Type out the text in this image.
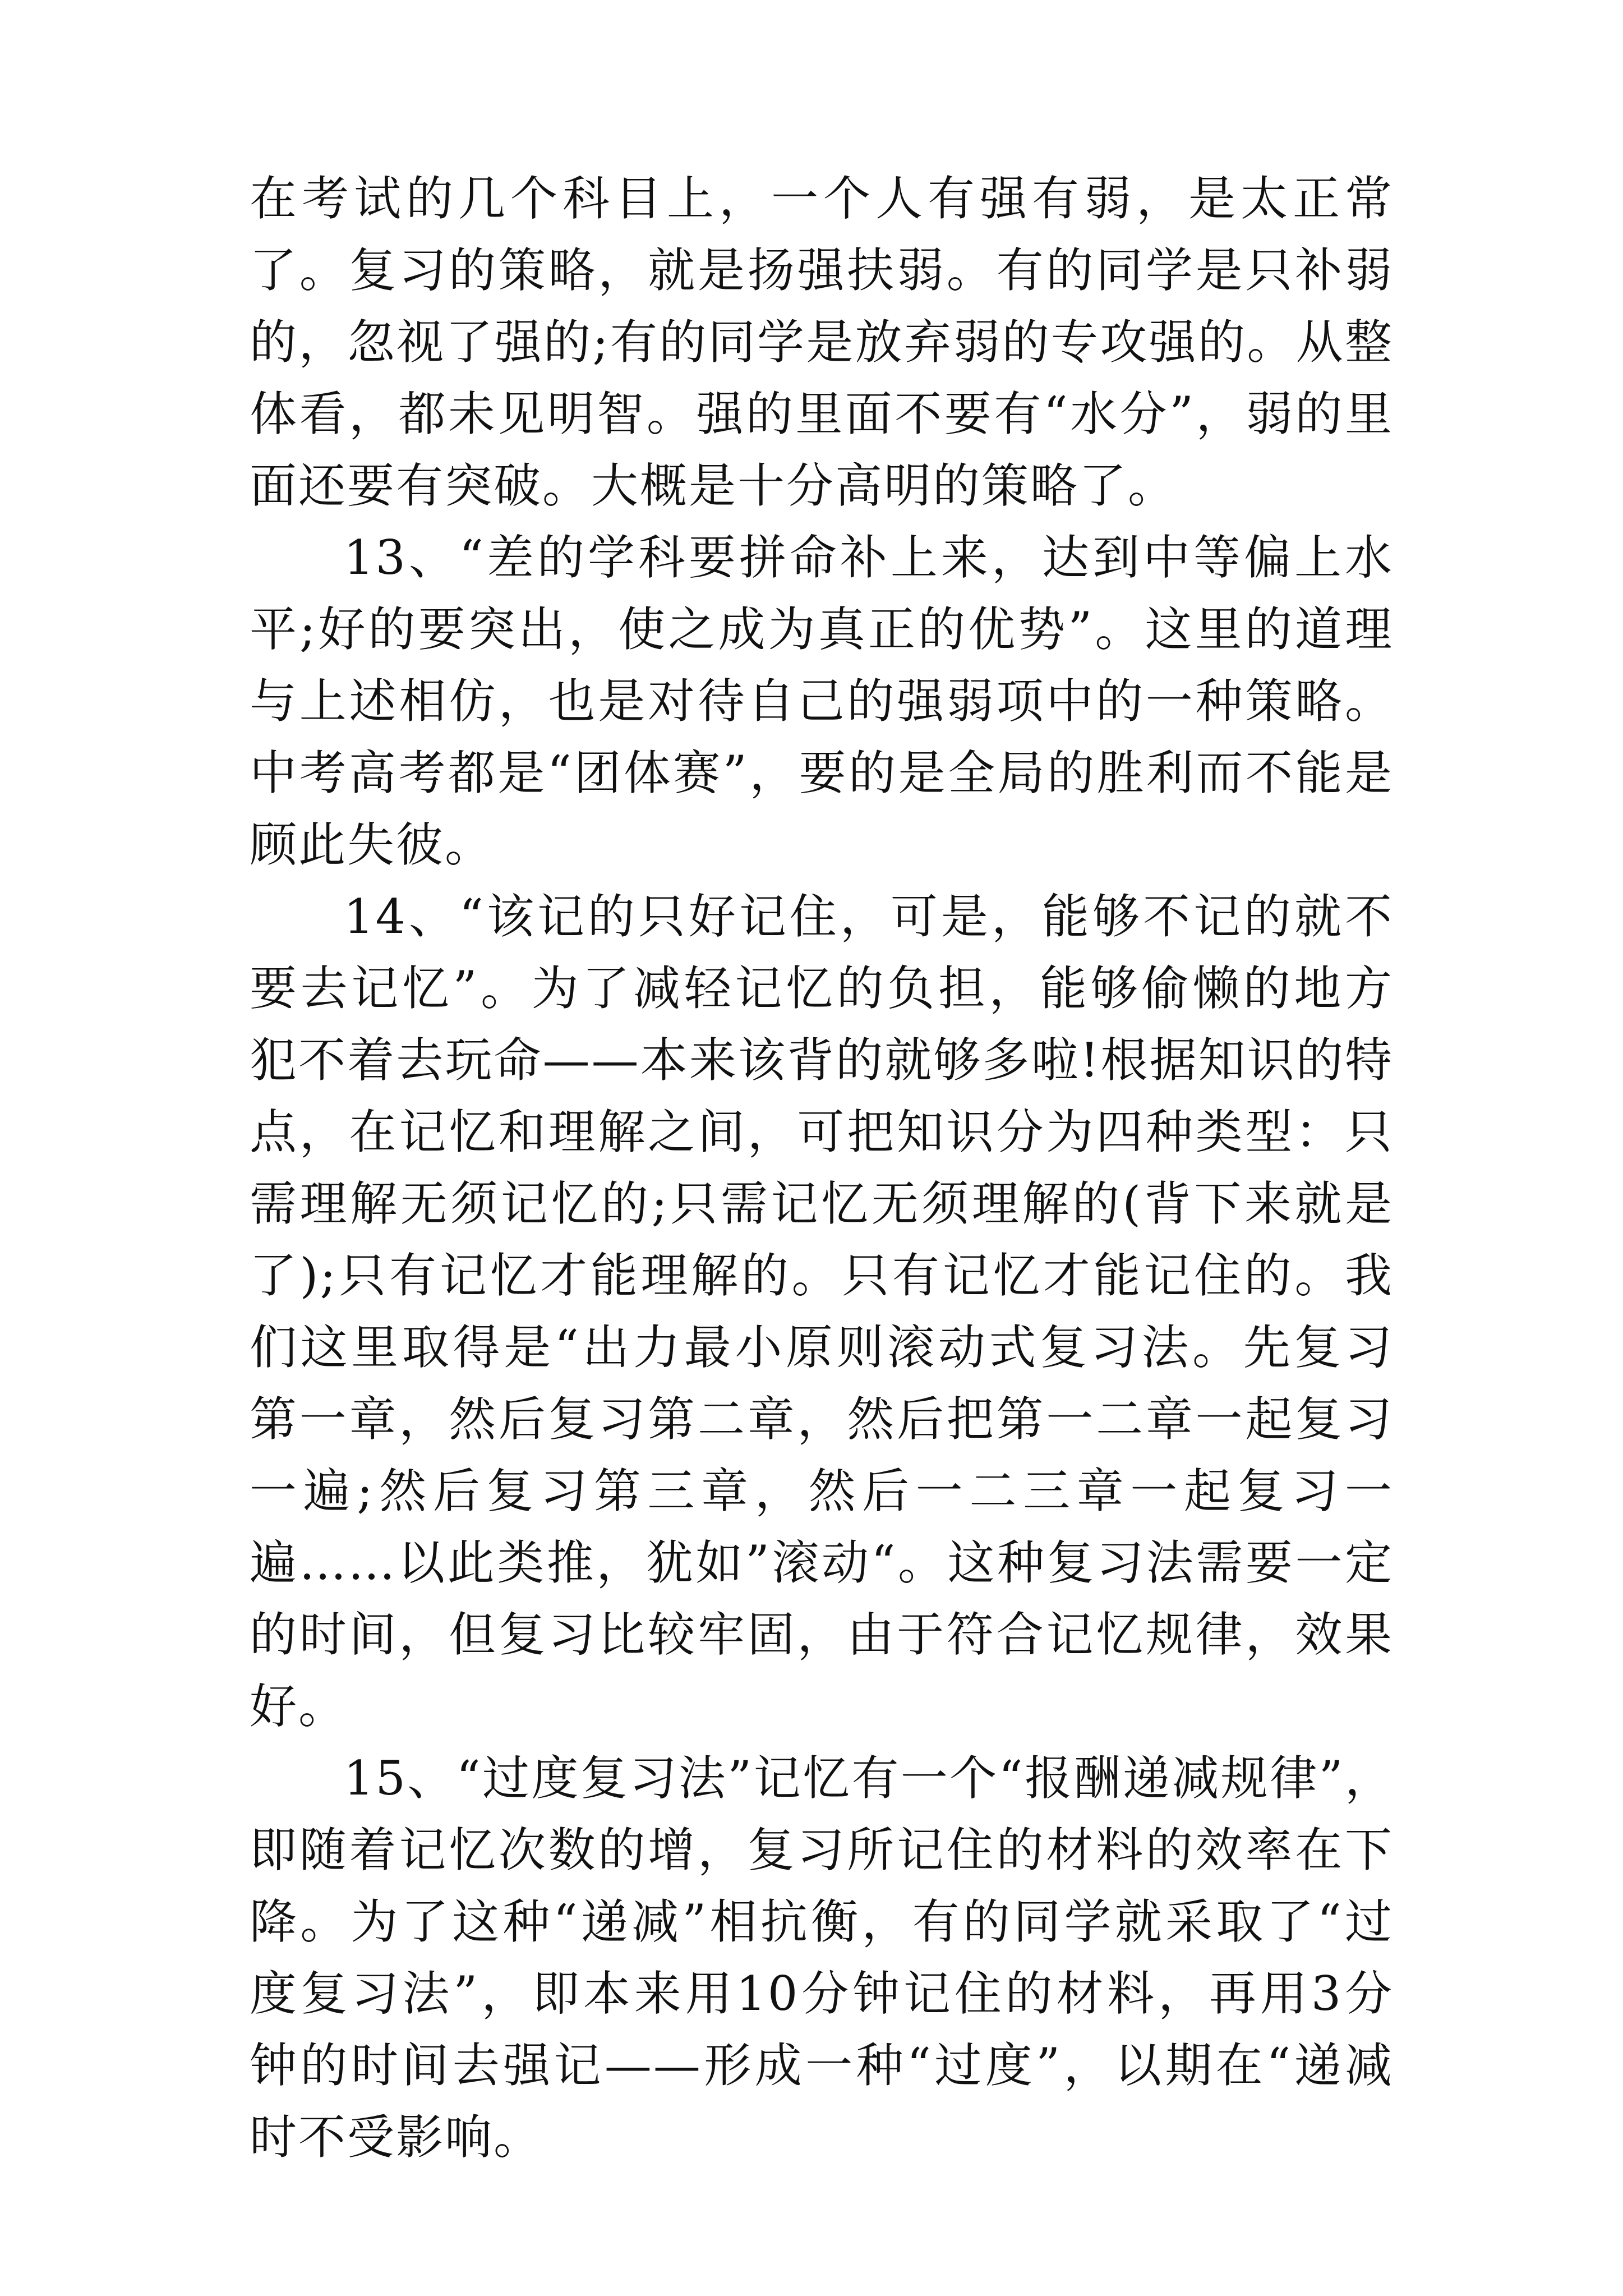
在考试的几个科目上，一个人有强有弱，是太正常了。复习的策略，就是扬强扶弱。有的同学是只补弱的，忽视了强的;有的同学是放弃弱的专攻强的。从整体看，都未见明智。强的里面不要有“水分”，弱的里面还要有突破。大概是十分高明的策略了。

13、“差的学科要拼命补上来，达到中等偏上水平;好的要突出，使之成为真正的优势”。这里的道理与上述相仿，也是对待自己的强弱项中的一种策略。中考高考都是“团体赛”，要的是全局的胜利而不能是顾此失彼。

14、“该记的只好记住，可是，能够不记的就不要去记忆”。为了减轻记忆的负担，能够偷懒的地方犯不着去玩命——本来该背的就够多啦!根据知识的特点，在记忆和理解之间，可把知识分为四种类型：只需理解无须记忆的;只需记忆无须理解的(背下来就是了);只有记忆才能理解的。只有记忆才能记住的。我们这里取得是“出力最小原则滚动式复习法。先复习第一章，然后复习第二章，然后把第一二章一起复习一遍;然后复习第三章，然后一二三章一起复习一遍……以此类推，犹如”滚动“。这种复习法需要一定的时间，但复习比较牢固，由于符合记忆规律，效果好。

15、“过度复习法”记忆有一个“报酬递减规律”，即随着记忆次数的增，复习所记住的材料的效率在下降。为了这种“递减”相抗衡，有的同学就采取了“过度复习法”，即本来用10分钟记住的材料，再用3分钟的时间去强记——形成一种“过度”，以期在“递减时不受影响。
